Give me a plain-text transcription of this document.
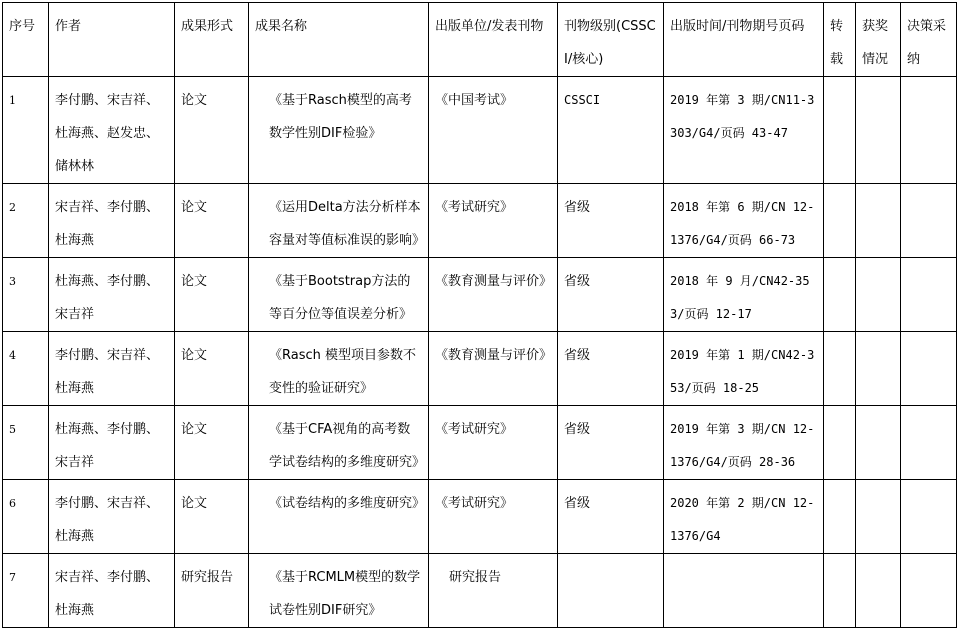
序号	作者	成果形式	成果名称	出版单位/发表刊物	刊物级别(CSSCI/核心)	出版时间/刊物期号页码	转载	获奖情况	决策采纳
1	李付鹏、宋吉祥、杜海燕、赵发忠、储林林	论文	《基于Rasch模型的高考数学性别DIF检验》	《中国考试》	CSSCI	2019 年第 3 期/CN11-3303/G4/页码 43-47			
2	宋吉祥、李付鹏、杜海燕	论文	《运用Delta方法分析样本容量对等值标准误的影响》	《考试研究》	省级	2018 年第 6 期/CN 12-1376/G4/页码 66-73			
3	杜海燕、李付鹏、宋吉祥	论文	《基于Bootstrap方法的等百分位等值误差分析》	《教育测量与评价》	省级	2018 年 9 月/CN42-353/页码 12-17			
4	李付鹏、宋吉祥、杜海燕	论文	《Rasch 模型项目参数不变性的验证研究》	《教育测量与评价》	省级	2019 年第 1 期/CN42-353/页码 18-25			
5	杜海燕、李付鹏、宋吉祥	论文	《基于CFA视角的高考数学试卷结构的多维度研究》	《考试研究》	省级	2019 年第 3 期/CN 12-1376/G4/页码 28-36			
6	李付鹏、宋吉祥、杜海燕	论文	《试卷结构的多维度研究》	《考试研究》	省级	2020 年第 2 期/CN 12-1376/G4			
7	宋吉祥、李付鹏、杜海燕	研究报告	《基于RCMLM模型的数学试卷性别DIF研究》	研究报告					
